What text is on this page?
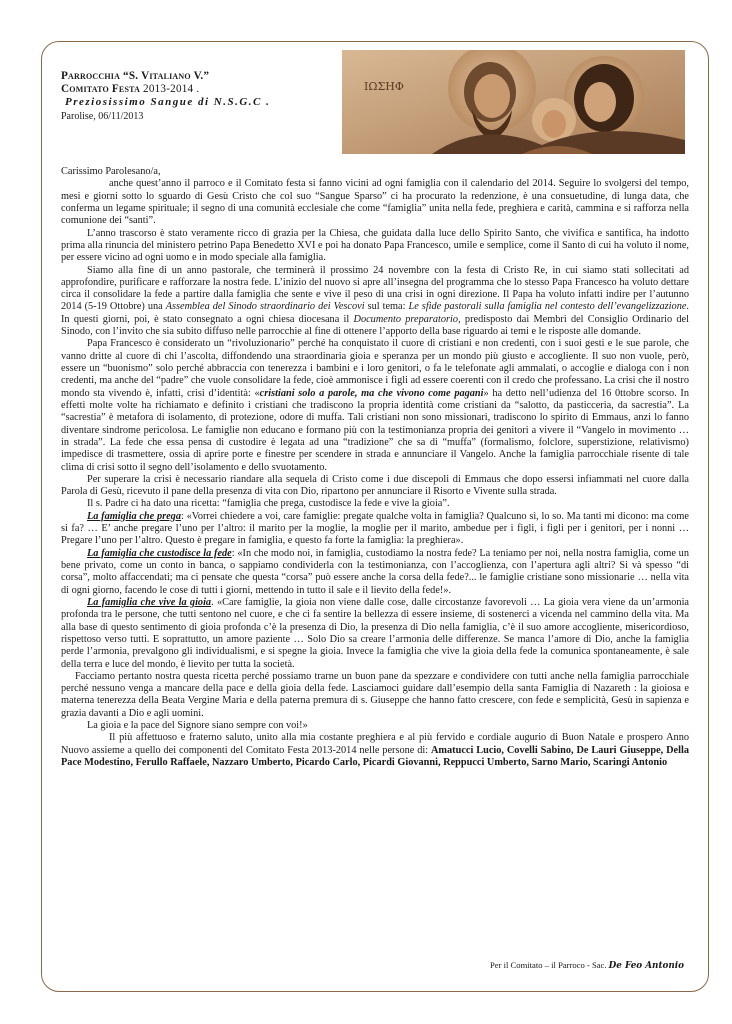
Parrocchia “S. Vitaliano V.”
Comitato Festa 2013-2014 .
Preziosissimo Sangue di N.S.G.C .
Parolise, 06/11/2013
ΙΩΣΗΦ

Carissimo Parolesano/a,

anche quest’anno il parroco e il Comitato festa si fanno vicini ad ogni famiglia con il calendario del 2014. Seguire lo svolgersi del tempo, mesi e giorni sotto lo sguardo di Gesù Cristo che col suo “Sangue Sparso” ci ha procurato la redenzione, è una consuetudine, di lunga data, che conferma un legame spirituale; il segno di una comunità ecclesiale che come “famiglia” unita nella fede, preghiera e carità, cammina e si rafforza nella comunione dei “santi”.

L’anno trascorso è stato veramente ricco di grazia per la Chiesa, che guidata dalla luce dello Spirito Santo, che vivifica e santifica, ha indotto prima alla rinuncia del ministero petrino Papa Benedetto XVI e poi ha donato Papa Francesco, umile e semplice, come il Santo di cui ha voluto il nome, per essere vicino ad ogni uomo e in modo speciale alla famiglia.

Siamo alla fine di un anno pastorale, che terminerà il prossimo 24 novembre con la festa di Cristo Re, in cui siamo stati sollecitati ad approfondire, purificare e rafforzare la nostra fede. L’inizio del nuovo si apre all’insegna del programma che lo stesso Papa Francesco ha voluto dettare circa il consolidare la fede a partire dalla famiglia che sente e vive il peso di una crisi in ogni direzione. Il Papa ha voluto infatti indire per l’autunno 2014 (5-19 Ottobre) una Assemblea del Sinodo straordinario dei Vescovi sul tema: Le sfide pastorali sulla famiglia nel contesto dell’evangelizzazione. In questi giorni, poi, è stato consegnato a ogni chiesa diocesana il Documento preparatorio, predisposto dai Membri del Consiglio Ordinario del Sinodo, con l’invito che sia subito diffuso nelle parrocchie al fine di ottenere l’apporto della base riguardo ai temi e le risposte alle domande.

Papa Francesco è considerato un “rivoluzionario” perché ha conquistato il cuore di cristiani e non credenti, con i suoi gesti e le sue parole, che vanno dritte al cuore di chi l’ascolta, diffondendo una straordinaria gioia e speranza per un mondo più giusto e accogliente. Il suo non vuole, però, essere un “buonismo” solo perché abbraccia con tenerezza i bambini e i loro genitori, o fa le telefonate agli ammalati, o accoglie e dialoga con i non credenti, ma anche del “padre” che vuole consolidare la fede, cioè ammonisce i figli ad essere coerenti con il credo che professano. La crisi che il nostro mondo sta vivendo è, infatti, crisi d’identità: «cristiani solo a parole, ma che vivono come pagani» ha detto nell’udienza del 16 0ttobre scorso. In effetti molte volte ha richiamato e definito i cristiani che tradiscono la propria identità come cristiani da “salotto, da pasticceria, da sacrestia”. La “sacrestia” è metafora di isolamento, di protezione, odore di muffa. Tali cristiani non sono missionari, tradiscono lo spirito di Emmaus, anzi lo fanno diventare sindrome pericolosa. Le famiglie non educano e formano più con la testimonianza propria dei genitori a vivere il “Vangelo in movimento … in strada”. La fede che essa pensa di custodire è legata ad una “tradizione” che sa di “muffa” (formalismo, folclore, superstizione, relativismo) impedisce di trasmettere, ossia di aprire porte e finestre per scendere in strada e annunciare il Vangelo. Anche la famiglia parrocchiale risente di tale clima di crisi sotto il segno dell’isolamento e dello svuotamento.

Per superare la crisi è necessario riandare alla sequela di Cristo come i due discepoli di Emmaus che dopo essersi infiammati nel cuore dalla Parola di Gesù, ricevuto il pane della presenza di vita con Dio, ripartono per annunciare il Risorto e Vivente sulla strada.

Il s. Padre ci ha dato una ricetta: “famiglia che prega, custodisce la fede e vive la gioia”.

La famiglia che prega: «Vorrei chiedere a voi, care famiglie: pregate qualche volta in famiglia? Qualcuno sì, lo so. Ma tanti mi dicono: ma come si fa? … E’ anche pregare l’uno per l’altro: il marito per la moglie, la moglie per il marito, ambedue per i figli, i figli per i genitori, per i nonni … Pregare l’uno per l’altro. Questo è pregare in famiglia, e questo fa forte la famiglia: la preghiera».

La famiglia che custodisce la fede: «In che modo noi, in famiglia, custodiamo la nostra fede? La teniamo per noi, nella nostra famiglia, come un bene privato, come un conto in banca, o sappiamo condividerla con la testimonianza, con l’accoglienza, con l’apertura agli altri? Si và spesso “di corsa”, molto affaccendati; ma ci pensate che questa “corsa” può essere anche la corsa della fede?... le famiglie cristiane sono missionarie … nella vita di ogni giorno, facendo le cose di tutti i giorni, mettendo in tutto il sale e il lievito della fede!».

La famiglia che vive la gioia. «Care famiglie, la gioia non viene dalle cose, dalle circostanze favorevoli … La gioia vera viene da un’armonia profonda tra le persone, che tutti sentono nel cuore, e che ci fa sentire la bellezza di essere insieme, di sostenerci a vicenda nel cammino della vita. Ma alla base di questo sentimento di gioia profonda c’è la presenza di Dio, la presenza di Dio nella famiglia, c’è il suo amore accogliente, misericordioso, rispettoso verso tutti. E soprattutto, un amore paziente … Solo Dio sa creare l’armonia delle differenze. Se manca l’amore di Dio, anche la famiglia perde l’armonia, prevalgono gli individualismi, e si spegne la gioia. Invece la famiglia che vive la gioia della fede la comunica spontaneamente, è sale della terra e luce del mondo, è lievito per tutta la società.

Facciamo pertanto nostra questa ricetta perché possiamo trarne un buon pane da spezzare e condividere con tutti anche nella famiglia parrocchiale perché nessuno venga a mancare della pace e della gioia della fede. Lasciamoci guidare dall’esempio della santa Famiglia di Nazareth : la gioiosa e materna tenerezza della Beata Vergine Maria e della paterna premura di s. Giuseppe che hanno fatto crescere, con fede e semplicità, Gesù in sapienza e grazia davanti a Dio e agli uomini.

La gioia e la pace del Signore siano sempre con voi!»

Il più affettuoso e fraterno saluto, unito alla mia costante preghiera e al più fervido e cordiale augurio di Buon Natale e prospero Anno Nuovo assieme a quello dei componenti del Comitato Festa 2013-2014 nelle persone di: Amatucci Lucio, Covelli Sabino, De Lauri Giuseppe, Della Pace Modestino, Ferullo Raffaele, Nazzaro Umberto, Picardo Carlo, Picardi Giovanni, Reppucci Umberto, Sarno Mario, Scaringi Antonio

Per il Comitato – il Parroco - Sac. De Feo Antonio
